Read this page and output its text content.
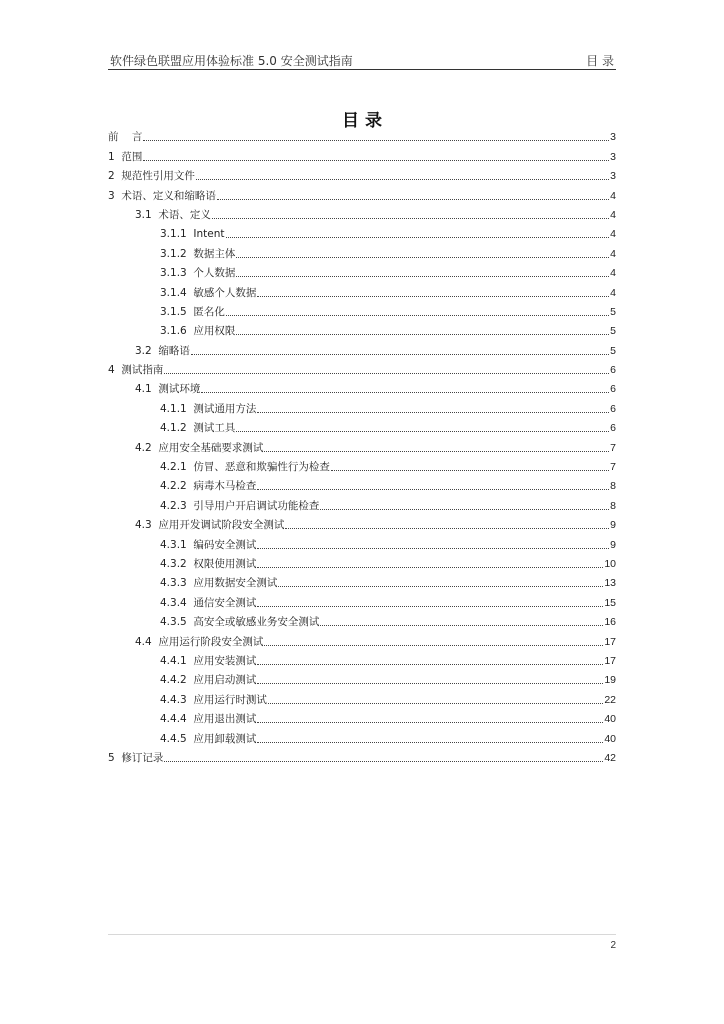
软件绿色联盟应用体验标准 5.0 安全测试指南	目 录
目 录
前    言	3
1 范围	3
2 规范性引用文件	3
3 术语、定义和缩略语	4
3.1 术语、定义	4
3.1.1 Intent	4
3.1.2 数据主体	4
3.1.3 个人数据	4
3.1.4 敏感个人数据	4
3.1.5 匿名化	5
3.1.6 应用权限	5
3.2 缩略语	5
4 测试指南	6
4.1 测试环境	6
4.1.1 测试通用方法	6
4.1.2 测试工具	6
4.2 应用安全基础要求测试	7
4.2.1 仿冒、恶意和欺骗性行为检查	7
4.2.2 病毒木马检查	8
4.2.3 引导用户开启调试功能检查	8
4.3 应用开发调试阶段安全测试	9
4.3.1 编码安全测试	9
4.3.2 权限使用测试	10
4.3.3 应用数据安全测试	13
4.3.4 通信安全测试	15
4.3.5 高安全或敏感业务安全测试	16
4.4 应用运行阶段安全测试	17
4.4.1 应用安装测试	17
4.4.2 应用启动测试	19
4.4.3 应用运行时测试	22
4.4.4 应用退出测试	40
4.4.5 应用卸载测试	40
5 修订记录	42
2
